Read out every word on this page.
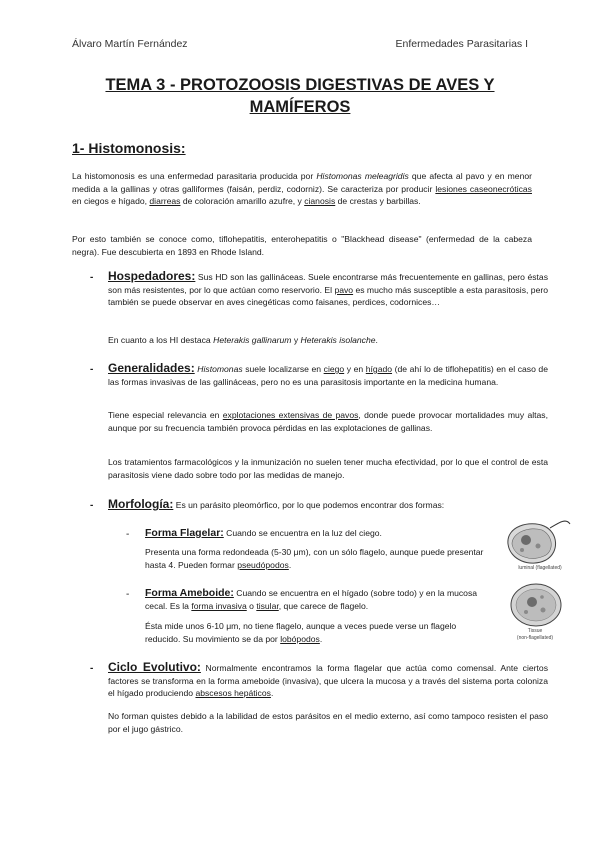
Álvaro Martín Fernández	Enfermedades Parasitarias I
TEMA 3 - PROTOZOOSIS DIGESTIVAS DE AVES Y
MAMÍFEROS
1- Histomonosis:
La histomonosis es una enfermedad parasitaria producida por Histomonas meleagridis que afecta al pavo y en menor medida a la gallinas y otras galliformes (faisán, perdiz, codorniz). Se caracteriza por producir lesiones caseonecróticas en ciegos e hígado, diarreas de coloración amarillo azufre, y cianosis de crestas y barbillas.
Por esto también se conoce como, tiflohepatitis, enterohepatitis o "Blackhead disease" (enfermedad de la cabeza negra). Fue descubierta en 1893 en Rhode Island.
- Hospedadores: Sus HD son las gallináceas. Suele encontrarse más frecuentemente en gallinas, pero éstas son más resistentes, por lo que actúan como reservorio. El pavo es mucho más susceptible a esta parasitosis, pero también se puede observar en aves cinegéticas como faisanes, perdices, codornices…
En cuanto a los HI destaca Heterakis gallinarum y Heterakis isolanche.
- Generalidades: Histomonas suele localizarse en ciego y en hígado (de ahí lo de tiflohepatitis) en el caso de las formas invasivas de las gallináceas, pero no es una parasitosis importante en la medicina humana.
Tiene especial relevancia en explotaciones extensivas de pavos, donde puede provocar mortalidades muy altas, aunque por su frecuencia también provoca pérdidas en las explotaciones de gallinas.
Los tratamientos farmacológicos y la inmunización no suelen tener mucha efectividad, por lo que el control de esta parasitosis viene dado sobre todo por las medidas de manejo.
- Morfología: Es un parásito pleomórfico, por lo que podemos encontrar dos formas:
- Forma Flagelar: Cuando se encuentra en la luz del ciego.
Presenta una forma redondeada (5-30 μm), con un sólo flagelo, aunque puede presentar hasta 4. Pueden formar pseudópodos.
- Forma Ameboide: Cuando se encuentra en el hígado (sobre todo) y en la mucosa cecal. Es la forma invasiva o tisular, que carece de flagelo.
Ésta mide unos 6-10 μm, no tiene flagelo, aunque a veces puede verse un flagelo reducido. Su movimiento se da por lobópodos.
luminal (flagellated)
Tissue
(non-flagellated)
- Ciclo Evolutivo: Normalmente encontramos la forma flagelar que actúa como comensal. Ante ciertos factores se transforma en la forma ameboide (invasiva), que ulcera la mucosa y a través del sistema porta coloniza el hígado produciendo abscesos hepáticos.
No forman quistes debido a la labilidad de estos parásitos en el medio externo, así como tampoco resisten el paso por el jugo gástrico.
